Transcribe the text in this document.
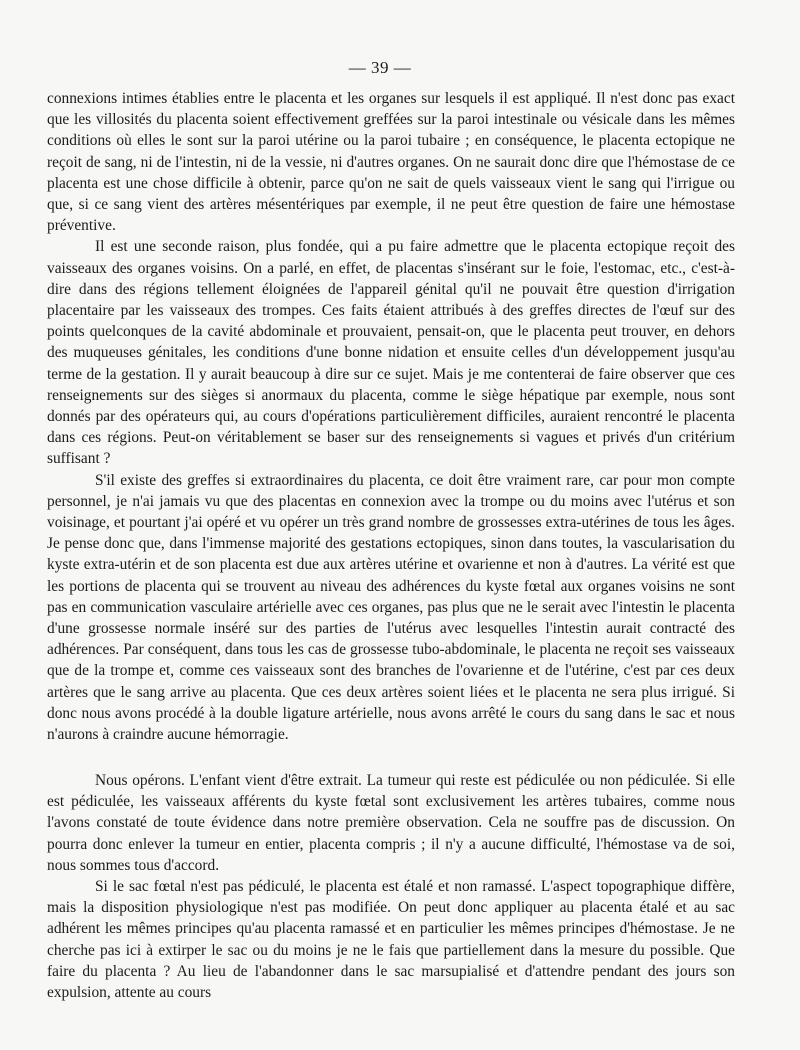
— 39 —

connexions intimes établies entre le placenta et les organes sur lesquels il est appliqué. Il n'est donc pas exact que les villosités du placenta soient effectivement greffées sur la paroi intestinale ou vésicale dans les mêmes conditions où elles le sont sur la paroi utérine ou la paroi tubaire ; en conséquence, le placenta ectopique ne reçoit de sang, ni de l'intestin, ni de la vessie, ni d'autres organes. On ne saurait donc dire que l'hémostase de ce placenta est une chose difficile à obtenir, parce qu'on ne sait de quels vaisseaux vient le sang qui l'irrigue ou que, si ce sang vient des artères mésentériques par exemple, il ne peut être question de faire une hémostase préventive.

Il est une seconde raison, plus fondée, qui a pu faire admettre que le placenta ectopique reçoit des vaisseaux des organes voisins. On a parlé, en effet, de placentas s'insérant sur le foie, l'estomac, etc., c'est-à-dire dans des régions tellement éloignées de l'appareil génital qu'il ne pouvait être question d'irrigation placentaire par les vaisseaux des trompes. Ces faits étaient attribués à des greffes directes de l'œuf sur des points quelconques de la cavité abdominale et prouvaient, pensait-on, que le placenta peut trouver, en dehors des muqueuses génitales, les conditions d'une bonne nidation et ensuite celles d'un développement jusqu'au terme de la gestation. Il y aurait beaucoup à dire sur ce sujet. Mais je me contenterai de faire observer que ces renseignements sur des sièges si anormaux du placenta, comme le siège hépatique par exemple, nous sont donnés par des opérateurs qui, au cours d'opérations particulièrement difficiles, auraient rencontré le placenta dans ces régions. Peut-on véritablement se baser sur des renseignements si vagues et privés d'un critérium suffisant ?

S'il existe des greffes si extraordinaires du placenta, ce doit être vraiment rare, car pour mon compte personnel, je n'ai jamais vu que des placentas en connexion avec la trompe ou du moins avec l'utérus et son voisinage, et pourtant j'ai opéré et vu opérer un très grand nombre de grossesses extra-utérines de tous les âges. Je pense donc que, dans l'immense majorité des gestations ectopiques, sinon dans toutes, la vascularisation du kyste extra-utérin et de son placenta est due aux artères utérine et ovarienne et non à d'autres. La vérité est que les portions de placenta qui se trouvent au niveau des adhérences du kyste fœtal aux organes voisins ne sont pas en communication vasculaire artérielle avec ces organes, pas plus que ne le serait avec l'intestin le placenta d'une grossesse normale inséré sur des parties de l'utérus avec lesquelles l'intestin aurait contracté des adhérences. Par conséquent, dans tous les cas de grossesse tubo-abdominale, le placenta ne reçoit ses vaisseaux que de la trompe et, comme ces vaisseaux sont des branches de l'ovarienne et de l'utérine, c'est par ces deux artères que le sang arrive au placenta. Que ces deux artères soient liées et le placenta ne sera plus irrigué. Si donc nous avons procédé à la double ligature artérielle, nous avons arrêté le cours du sang dans le sac et nous n'aurons à craindre aucune hémorragie.

Nous opérons. L'enfant vient d'être extrait. La tumeur qui reste est pédiculée ou non pédiculée. Si elle est pédiculée, les vaisseaux afférents du kyste fœtal sont exclusivement les artères tubaires, comme nous l'avons constaté de toute évidence dans notre première observation. Cela ne souffre pas de discussion. On pourra donc enlever la tumeur en entier, placenta compris ; il n'y a aucune difficulté, l'hémostase va de soi, nous sommes tous d'accord.

Si le sac fœtal n'est pas pédiculé, le placenta est étalé et non ramassé. L'aspect topographique diffère, mais la disposition physiologique n'est pas modifiée. On peut donc appliquer au placenta étalé et au sac adhérent les mêmes principes qu'au placenta ramassé et en particulier les mêmes principes d'hémostase. Je ne cherche pas ici à extirper le sac ou du moins je ne le fais que partiellement dans la mesure du possible. Que faire du placenta ? Au lieu de l'abandonner dans le sac marsupialisé et d'attendre pendant des jours son expulsion, attente au cours
